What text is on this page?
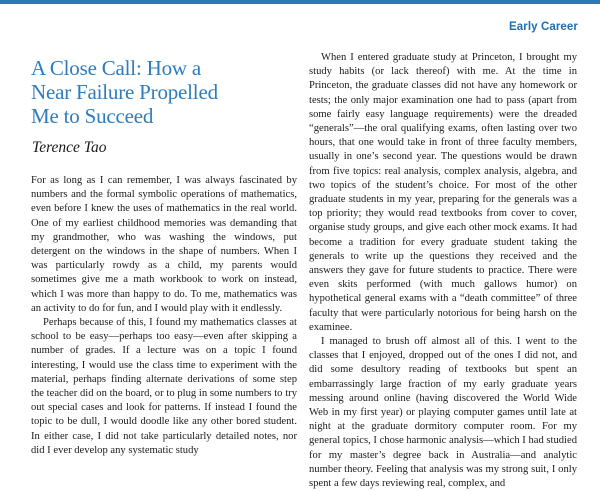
Early Career
A Close Call: How a
Near Failure Propelled
Me to Succeed
Terence Tao

For as long as I can remember, I was always fascinated by numbers and the formal symbolic operations of mathematics, even before I knew the uses of mathematics in the real world. One of my earliest childhood memories was demanding that my grandmother, who was washing the windows, put detergent on the windows in the shape of numbers. When I was particularly rowdy as a child, my parents would sometimes give me a math workbook to work on instead, which I was more than happy to do. To me, mathematics was an activity to do for fun, and I would play with it endlessly.

Perhaps because of this, I found my mathematics classes at school to be easy—perhaps too easy—even after skipping a number of grades. If a lecture was on a topic I found interesting, I would use the class time to experiment with the material, perhaps finding alternate derivations of some step the teacher did on the board, or to plug in some numbers to try out special cases and look for patterns. If instead I found the topic to be dull, I would doodle like any other bored student. In either case, I did not take particularly detailed notes, nor did I ever develop any systematic study

When I entered graduate study at Princeton, I brought my study habits (or lack thereof) with me. At the time in Princeton, the graduate classes did not have any homework or tests; the only major examination one had to pass (apart from some fairly easy language requirements) were the dreaded “generals”—the oral qualifying exams, often lasting over two hours, that one would take in front of three faculty members, usually in one’s second year. The questions would be drawn from five topics: real analysis, complex analysis, algebra, and two topics of the student’s choice. For most of the other graduate students in my year, preparing for the generals was a top priority; they would read textbooks from cover to cover, organise study groups, and give each other mock exams. It had become a tradition for every graduate student taking the generals to write up the questions they received and the answers they gave for future students to practice. There were even skits performed (with much gallows humor) on hypothetical general exams with a “death committee” of three faculty that were particularly notorious for being harsh on the examinee.

I managed to brush off almost all of this. I went to the classes that I enjoyed, dropped out of the ones I did not, and did some desultory reading of textbooks but spent an embarrassingly large fraction of my early graduate years messing around online (having discovered the World Wide Web in my first year) or playing computer games until late at night at the graduate dormitory computer room. For my general topics, I chose harmonic analysis—which I had studied for my master’s degree back in Australia—and analytic number theory. Feeling that analysis was my strong suit, I only spent a few days reviewing real, complex, and
